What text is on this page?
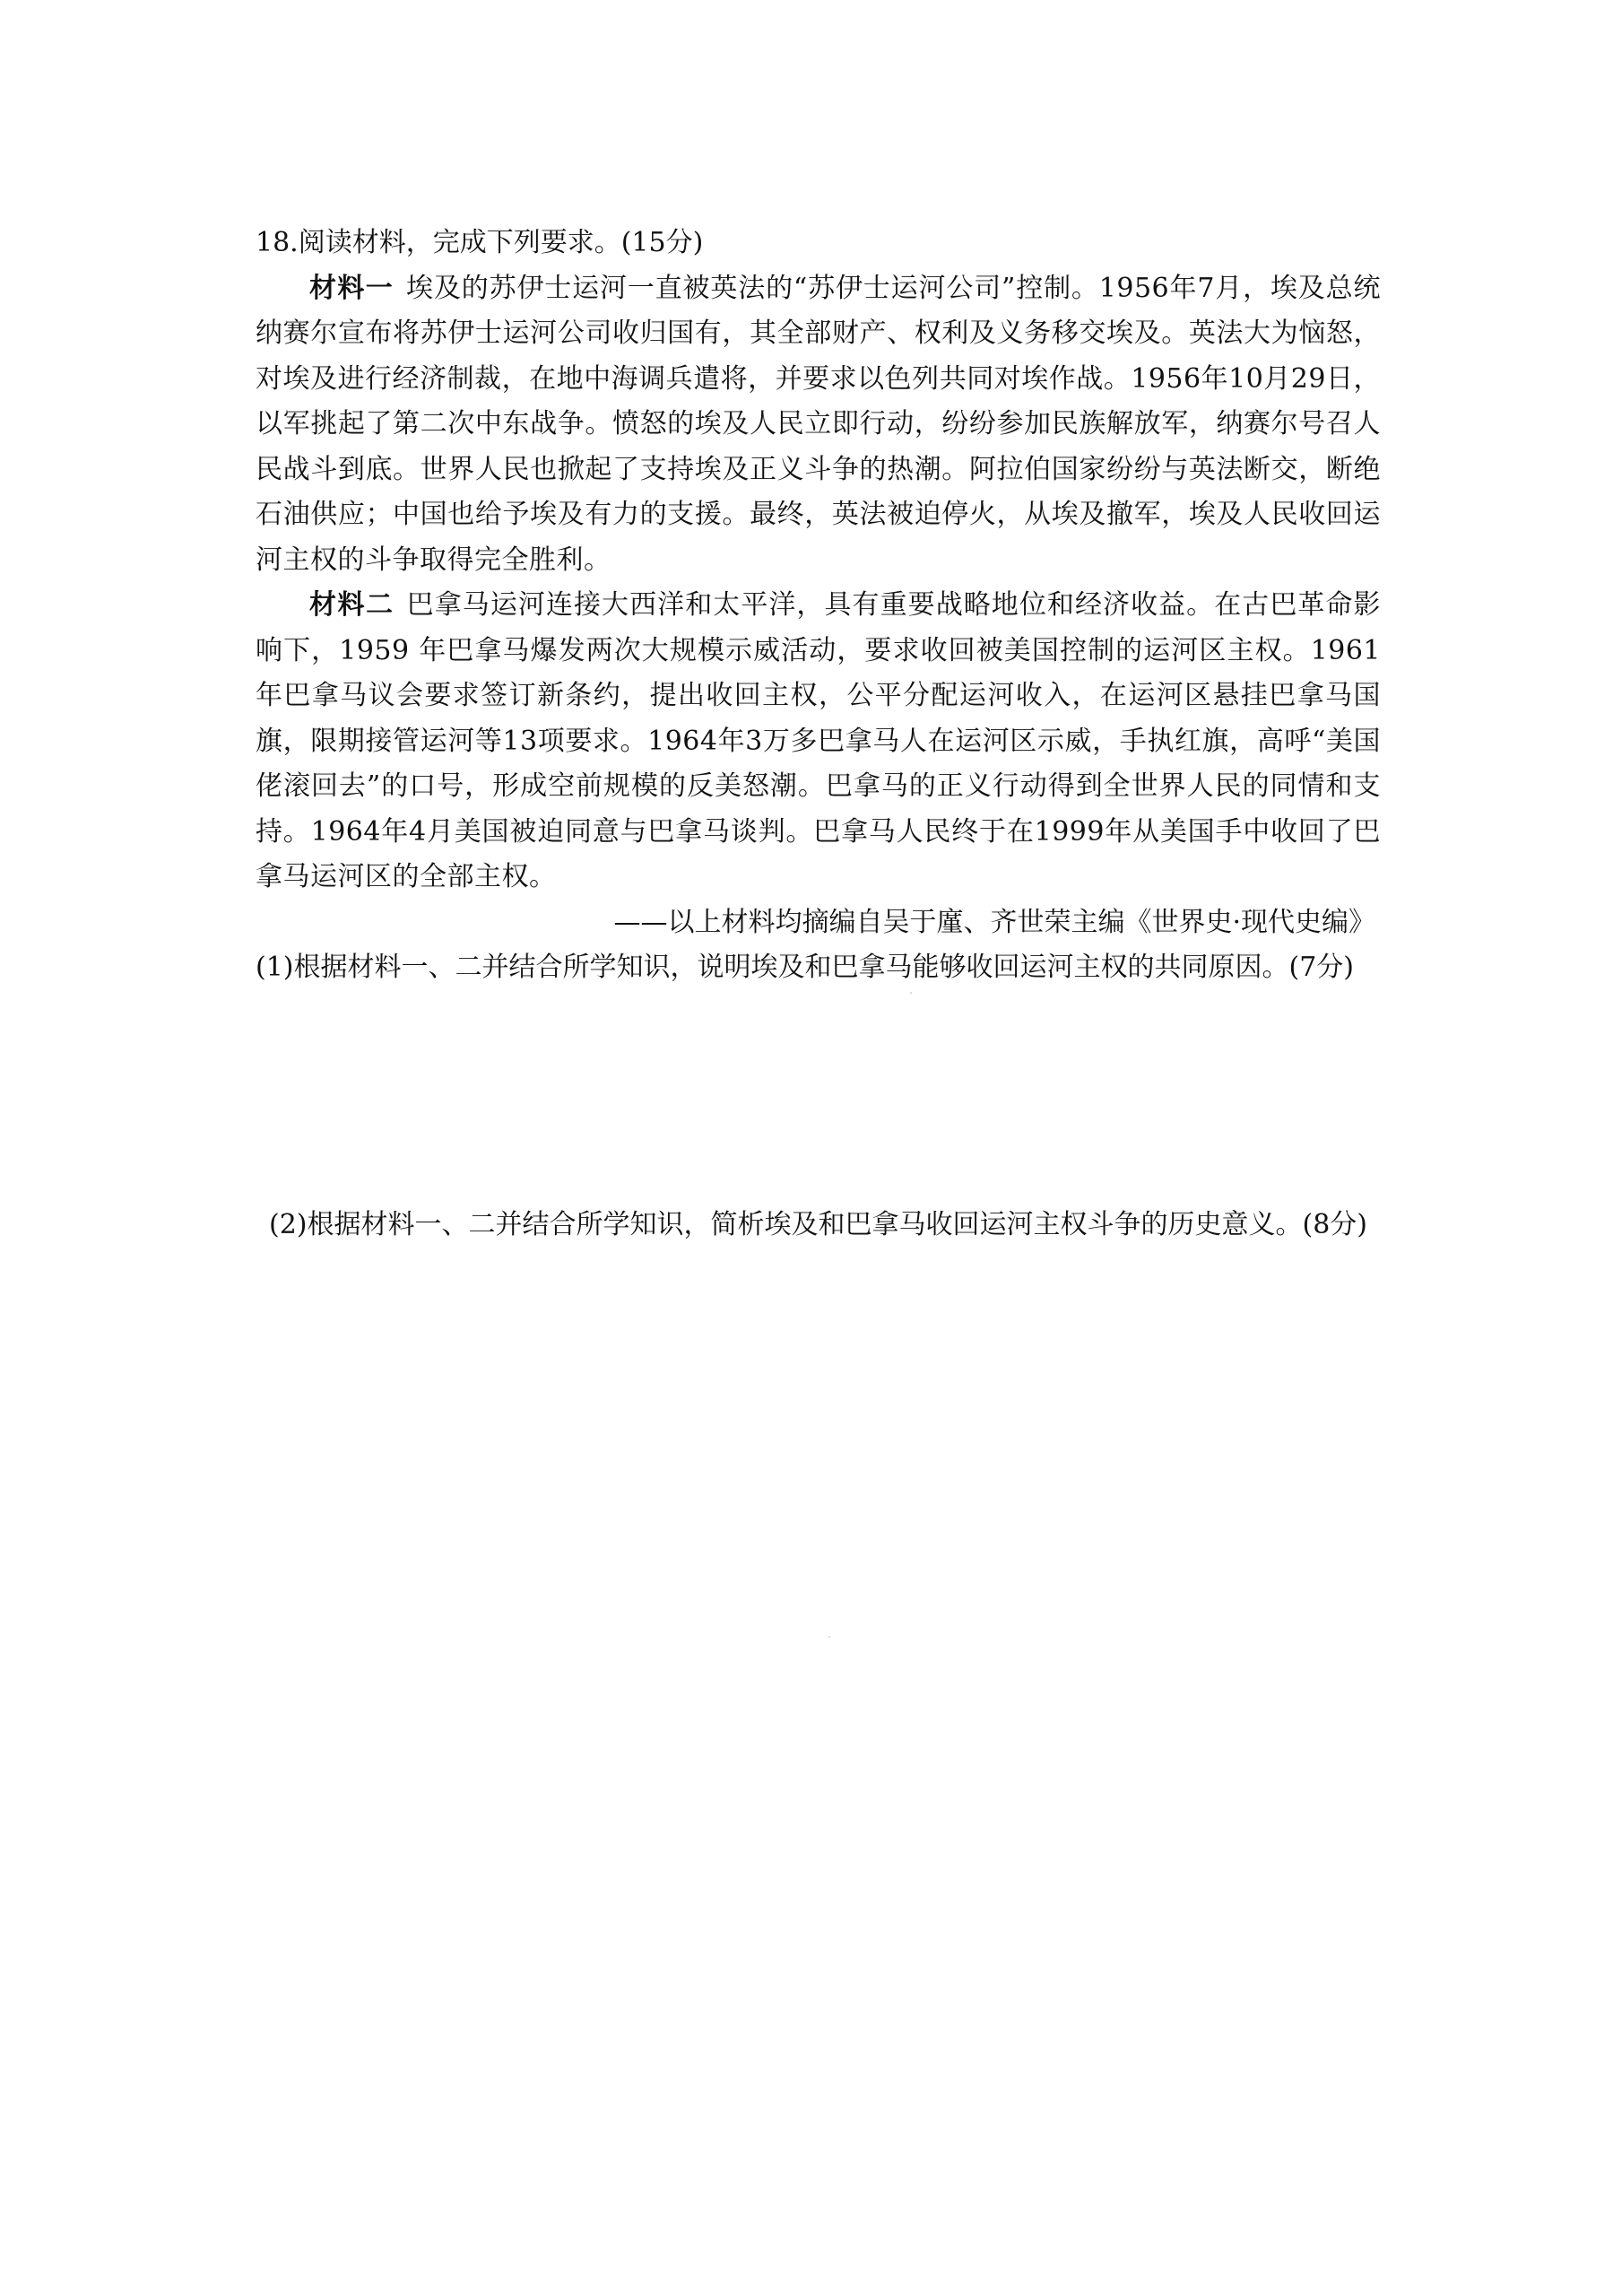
18.阅读材料，完成下列要求。(15分)

材料一 埃及的苏伊士运河一直被英法的“苏伊士运河公司”控制。1956年7月，埃及总统纳赛尔宣布将苏伊士运河公司收归国有，其全部财产、权利及义务移交埃及。英法大为恼怒，对埃及进行经济制裁，在地中海调兵遣将，并要求以色列共同对埃作战。1956年10月29日，以军挑起了第二次中东战争。愤怒的埃及人民立即行动，纷纷参加民族解放军，纳赛尔号召人民战斗到底。世界人民也掀起了支持埃及正义斗争的热潮。阿拉伯国家纷纷与英法断交，断绝石油供应；中国也给予埃及有力的支援。最终，英法被迫停火，从埃及撤军，埃及人民收回运河主权的斗争取得完全胜利。

材料二 巴拿马运河连接大西洋和太平洋，具有重要战略地位和经济收益。在古巴革命影响下，1959 年巴拿马爆发两次大规模示威活动，要求收回被美国控制的运河区主权。1961年巴拿马议会要求签订新条约，提出收回主权，公平分配运河收入，在运河区悬挂巴拿马国旗，限期接管运河等13项要求。1964年3万多巴拿马人在运河区示威，手执红旗，高呼“美国佬滚回去”的口号，形成空前规模的反美怒潮。巴拿马的正义行动得到全世界人民的同情和支持。1964年4月美国被迫同意与巴拿马谈判。巴拿马人民终于在1999年从美国手中收回了巴拿马运河区的全部主权。

——以上材料均摘编自吴于廑、齐世荣主编《世界史·现代史编》

(1)根据材料一、二并结合所学知识，说明埃及和巴拿马能够收回运河主权的共同原因。(7分)

(2)根据材料一、二并结合所学知识，简析埃及和巴拿马收回运河主权斗争的历史意义。(8分)
